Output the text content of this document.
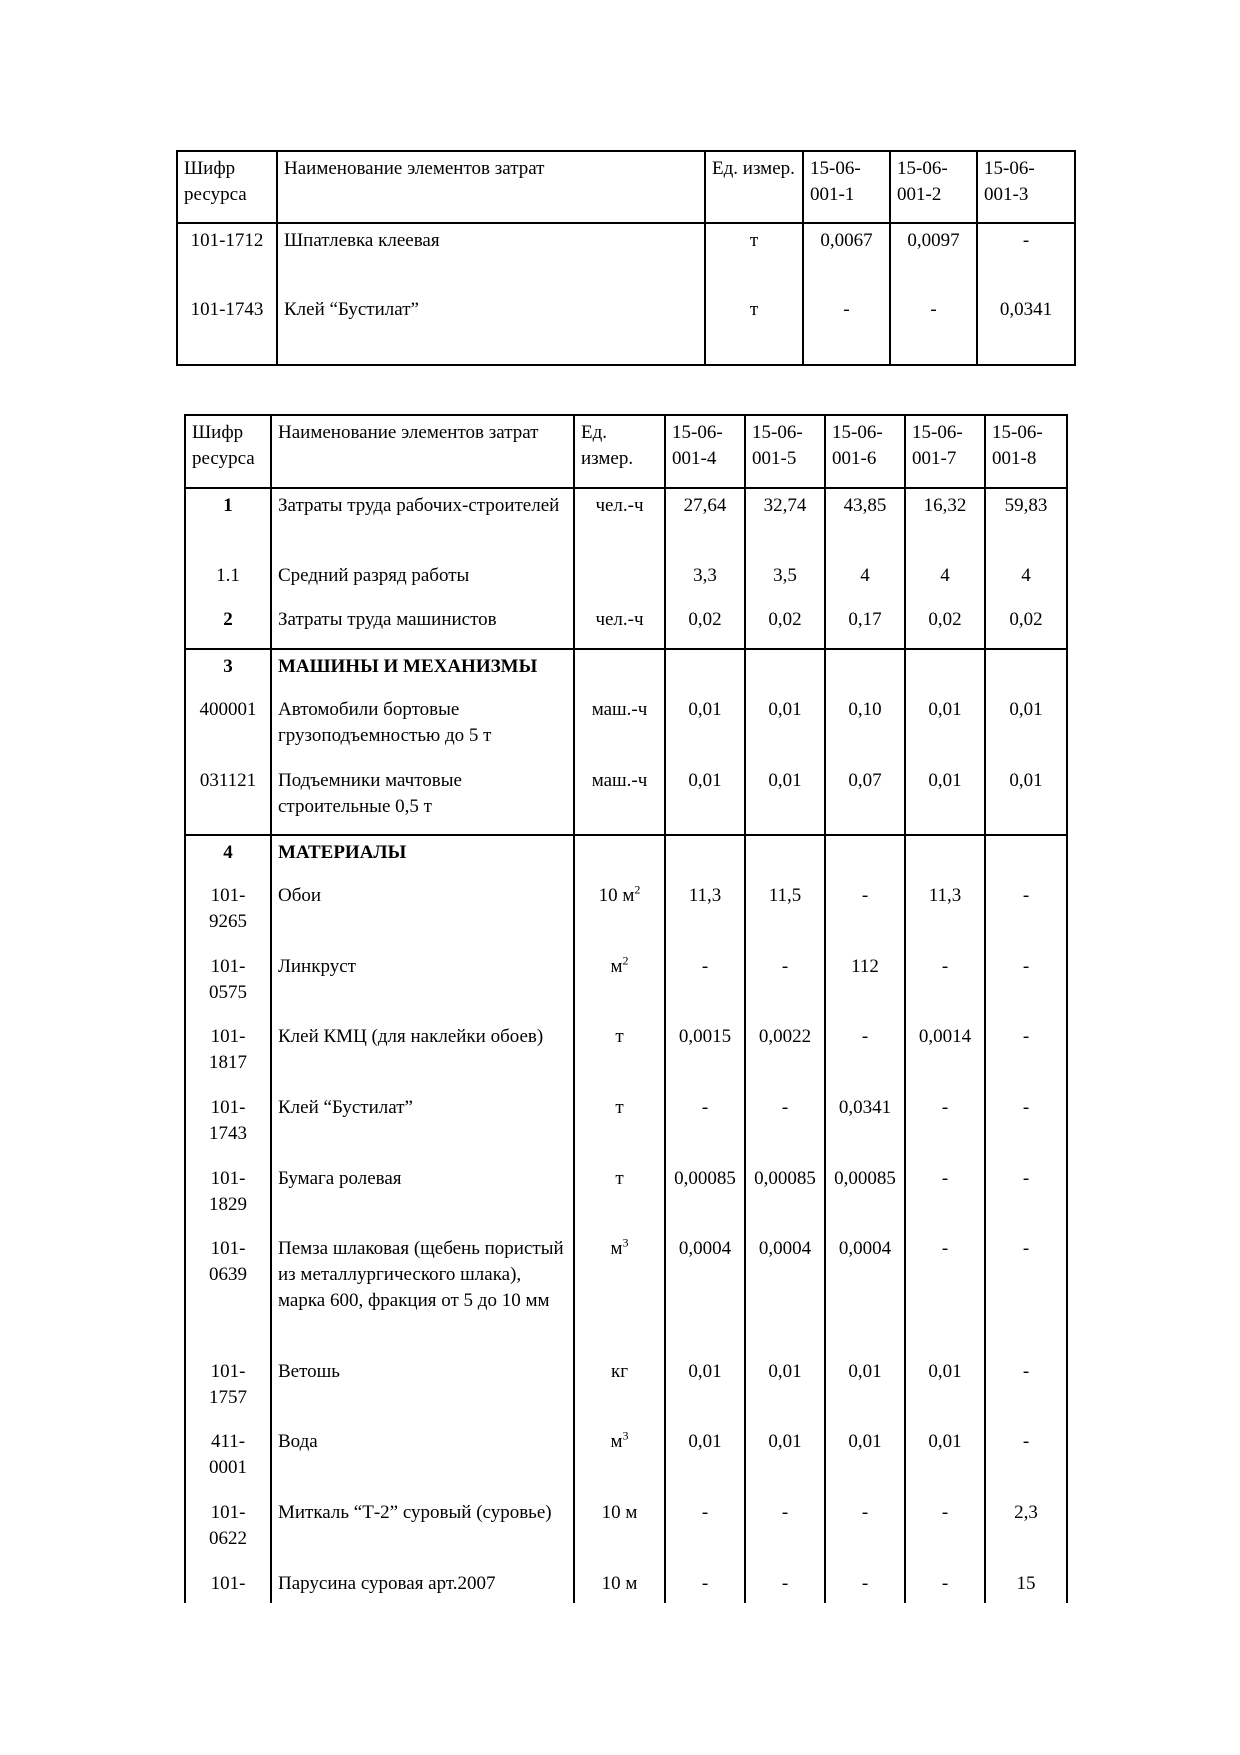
Шифр ресурса	Наименование элементов затрат	Ед. измер.	15-06-001-1	15-06-001-2	15-06-001-3
101-1712	Шпатлевка клеевая	т	0,0067	0,0097	-
101-1743	Клей “Бустилат”	т	-	-	0,0341
Шифр ресурса	Наименование элементов затрат	Ед. измер.	15-06-001-4	15-06-001-5	15-06-001-6	15-06-001-7	15-06-001-8
1	Затраты труда рабочих-строителей	чел.-ч	27,64	32,74	43,85	16,32	59,83
1.1	Средний разряд работы		3,3	3,5	4	4	4
2	Затраты труда машинистов	чел.-ч	0,02	0,02	0,17	0,02	0,02
3	МАШИНЫ И МЕХАНИЗМЫ						
400001	Автомобили бортовые грузоподъемностью до 5 т	маш.-ч	0,01	0,01	0,10	0,01	0,01
031121	Подъемники мачтовые строительные 0,5 т	маш.-ч	0,01	0,01	0,07	0,01	0,01
4	МАТЕРИАЛЫ						
101-9265	Обои	10 $м^2$	11,3	11,5	-	11,3	-
101-0575	Линкруст	$м^2$	-	-	112	-	-
101-1817	Клей КМЦ (для наклейки обоев)	т	0,0015	0,0022	-	0,0014	-
101-1743	Клей “Бустилат”	т	-	-	0,0341	-	-
101-1829	Бумага ролевая	т	0,00085	0,00085	0,00085	-	-
101-0639	Пемза шлаковая (щебень пористый из металлургического шлака), марка 600, фракция от 5 до 10 мм	$м^3$	0,0004	0,0004	0,0004	-	-
101-1757	Ветошь	кг	0,01	0,01	0,01	0,01	-
411-0001	Вода	$м^3$	0,01	0,01	0,01	0,01	-
101-0622	Миткаль “Т-2” суровый (суровье)	10 м	-	-	-	-	2,3
101-	Парусина суровая арт.2007	10 м	-	-	-	-	15
